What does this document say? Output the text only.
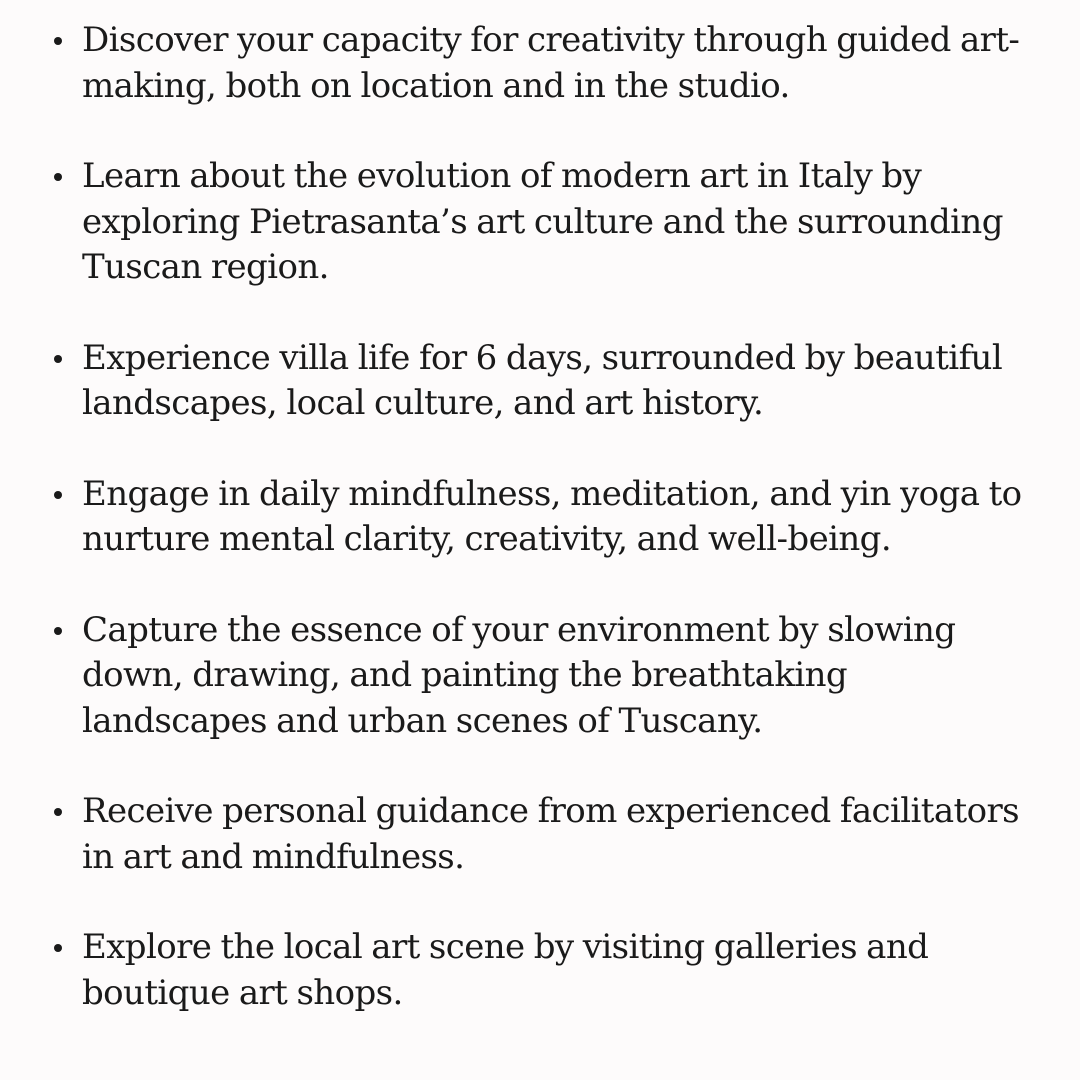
Discover your capacity for creativity through guided art-making, both on location and in the studio.
Learn about the evolution of modern art in Italy by exploring Pietrasanta’s art culture and the surrounding Tuscan region.
Experience villa life for 6 days, surrounded by beautiful landscapes, local culture, and art history.
Engage in daily mindfulness, meditation, and yin yoga to nurture mental clarity, creativity, and well-being.
Capture the essence of your environment by slowing down, drawing, and painting the breathtaking landscapes and urban scenes of Tuscany.
Receive personal guidance from experienced facilitators in art and mindfulness.
Explore the local art scene by visiting galleries and boutique art shops.
